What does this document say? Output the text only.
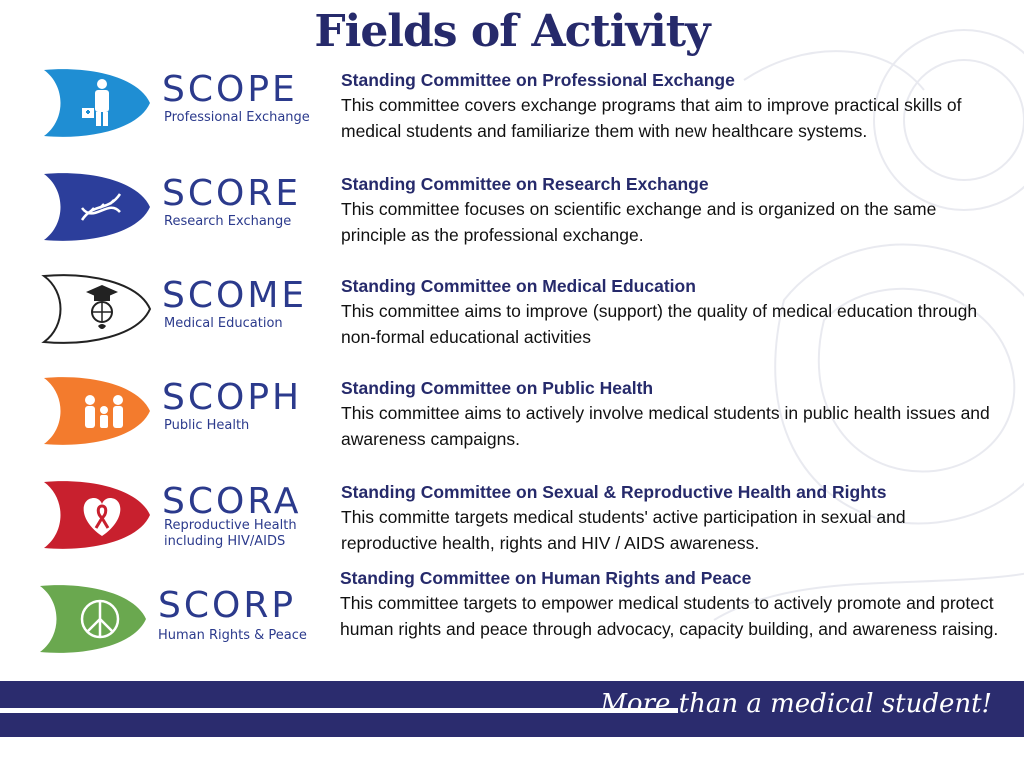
Fields of Activity
SCOPE
Professional Exchange
Standing Committee on Professional Exchange
This committee covers exchange programs that aim to improve practical skills of medical students and familiarize them with new healthcare systems.
SCORE
Research Exchange
Standing Committee on Research Exchange
This committee focuses on scientific exchange and is organized on the same principle as the professional exchange.
SCOME
Medical Education
Standing Committee on Medical Education
This committee aims to improve (support) the quality of medical education through non-formal educational activities
SCOPH
Public Health
Standing Committee on Public Health
This committee aims to actively involve medical students in public health issues and awareness campaigns.
SCORA
Reproductive Health
including HIV/AIDS
Standing Committee on Sexual & Reproductive Health and Rights
This committe targets medical students' active participation in sexual and reproductive health, rights and HIV / AIDS awareness.
SCORP
Human Rights & Peace
Standing Committee on Human Rights and Peace
This committee targets to empower medical students to actively promote and protect human rights and peace through advocacy, capacity building, and awareness raising.
More than a medical student!
